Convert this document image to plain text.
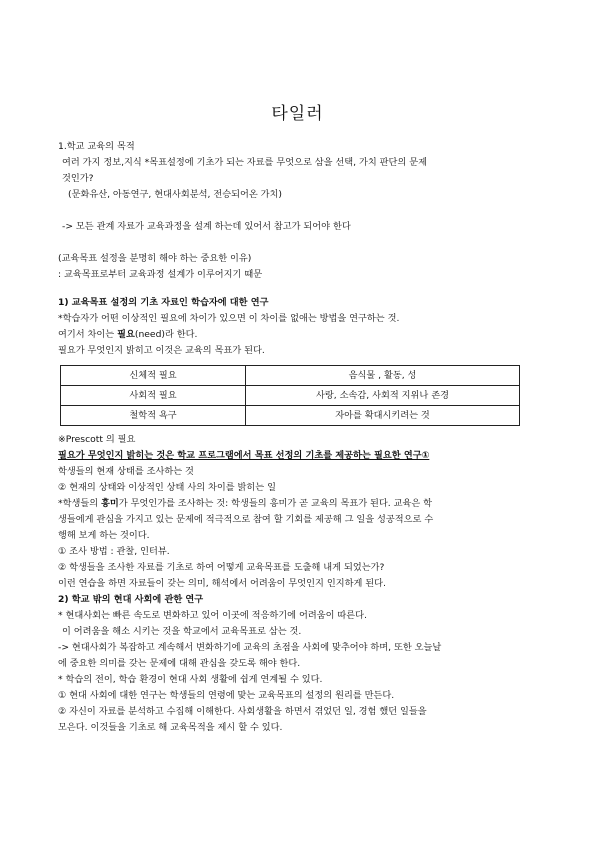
타일러

1.학교 교육의 목적

여러 가지 정보,지식 *목표설정에 기초가 되는 자료를 무엇으로 삼을 선택, 가치 판단의 문제

것인가?

(문화유산, 아동연구, 현대사회분석, 전승되어온 가치)

-> 모든 관계 자료가 교육과정을 설계 하는데 있어서 참고가 되어야 한다

(교육목표 설정을 분명히 해야 하는 중요한 이유)

: 교육목표로부터 교육과정 설계가 이루어지기 때문

1) 교육목표 설정의 기초 자료인 학습자에 대한 연구

*학습자가 어떤 이상적인 필요에 차이가 있으면 이 차이를 없애는 방법을 연구하는 것.

여기서 차이는 필요(need)라 한다.

필요가 무엇인지 밝히고 이것은 교육의 목표가 된다.

신체적 필요	음식물 , 활동, 성
사회적 필요	사랑, 소속감, 사회적 지위나 존경
철학적 욕구	자아를 확대시키려는 것

※Prescott 의 필요

필요가 무엇인지 밝히는 것은 학교 프로그램에서 목표 선정의 기초를 제공하는 필요한 연구①

학생들의 현재 상태를 조사하는 것

② 현재의 상태와 이상적인 상태 사의 차이를 밝히는 일

*학생들의 흥미가 무엇인가를 조사하는 것: 학생들의 흥미가 곧 교육의 목표가 된다. 교육은 학

생들에게 관심을 가지고 있는 문제에 적극적으로 참여 할 기회를 제공해 그 일을 성공적으로 수

행해 보게 하는 것이다.

① 조사 방법 : 관찰, 인터뷰.

② 학생들을 조사한 자료를 기초로 하여 어떻게 교육목표를 도출해 내게 되었는가?

이런 연습을 하면 자료들이 갖는 의미, 해석에서 어려움이 무엇인지 인지하게 된다.

2) 학교 밖의 현대 사회에 관한 연구

* 현대사회는 빠른 속도로 변화하고 있어 이곳에 적응하기에 어려움이 따른다.

이 어려움을 해소 시키는 것을 학교에서 교육목표로 삼는 것.

-> 현대사회가 복잡하고 계속해서 변화하기에 교육의 초점을 사회에 맞추어야 하며, 또한 오늘날

에 중요한 의미를 갖는 문제에 대해 관심을 갖도록 해야 한다.

* 학습의 전이, 학습 환경이 현대 사회 생활에 쉽게 연계될 수 있다.

① 현대 사회에 대한 연구는 학생들의 연령에 맞는 교육목표의 설정의 원리를 만든다.

② 자신이 자료를 분석하고 수집해 이해한다. 사회생활을 하면서 겪었던 일, 경험 했던 일들을

모은다. 이것들을 기초로 해 교육목적을 제시 할 수 있다.
